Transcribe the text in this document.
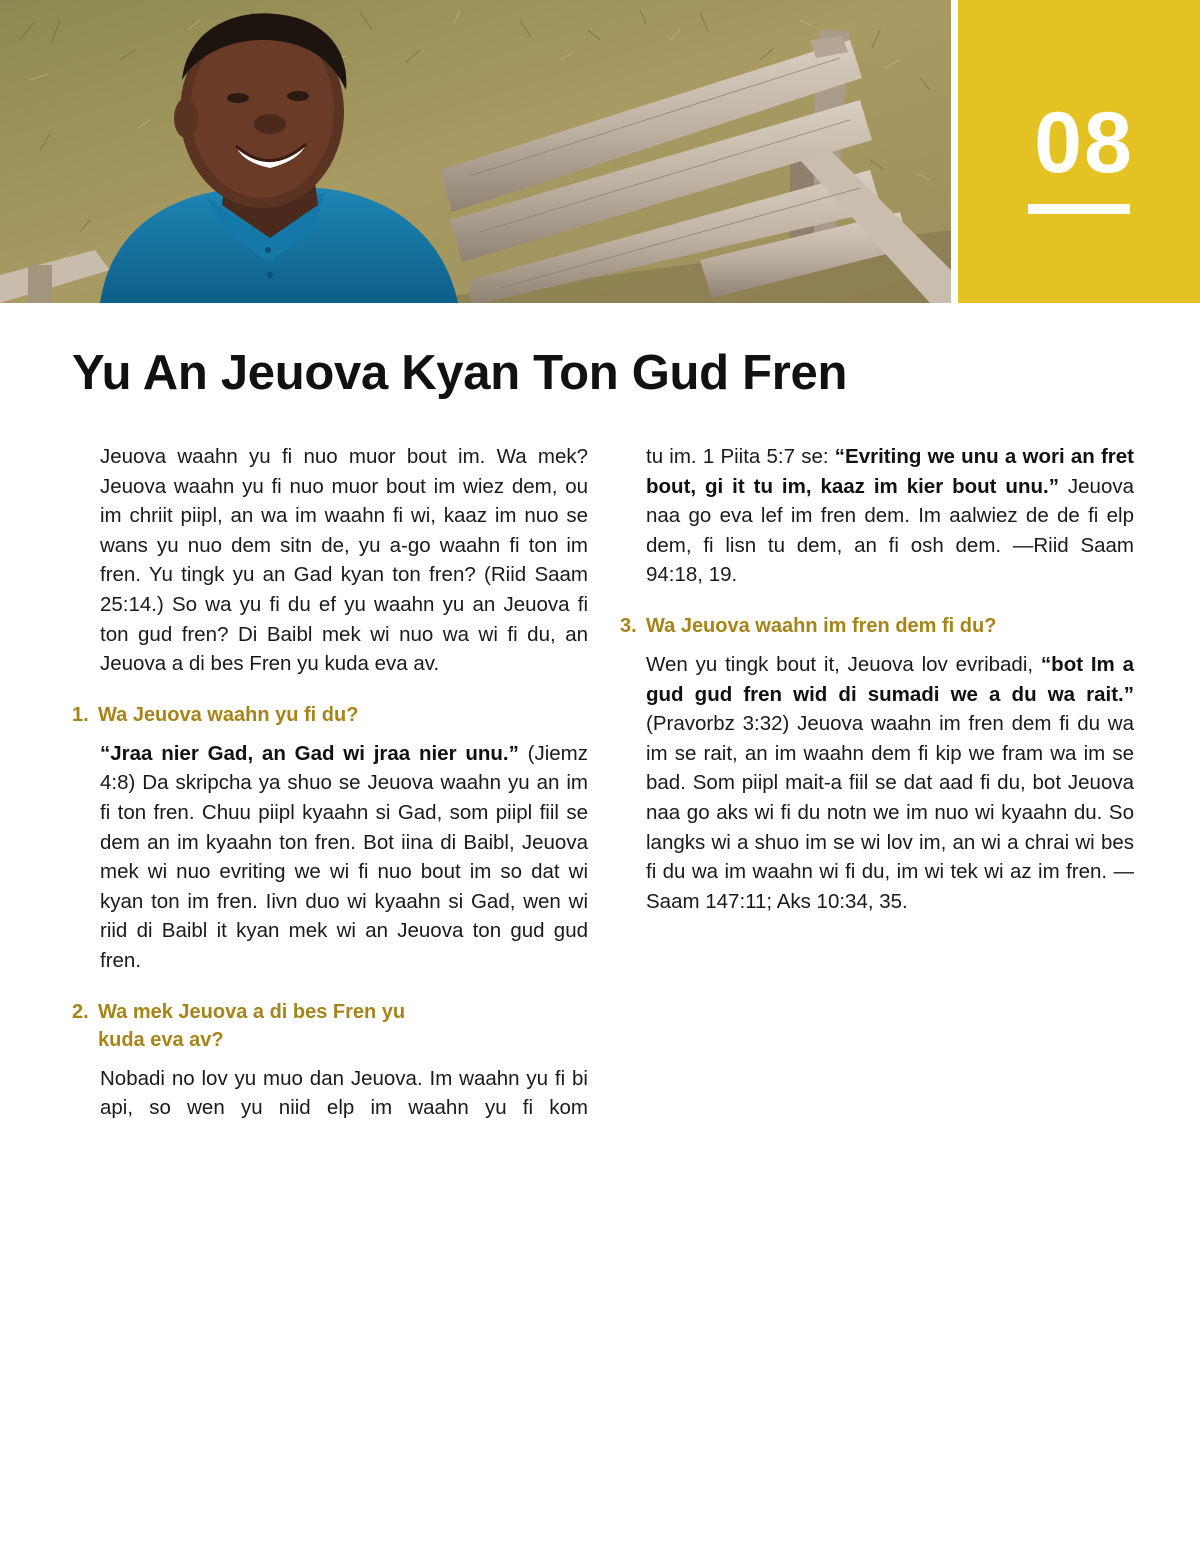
08
Yu An Jeuova Kyan Ton Gud Fren

Jeuova waahn yu fi nuo muor bout im. Wa mek? Jeuova waahn yu fi nuo muor bout im wiez dem, ou im chriit piipl, an wa im waahn fi wi, kaaz im nuo se wans yu nuo dem sitn de, yu a-go waahn fi ton im fren. Yu tingk yu an Gad kyan ton fren? (Riid Saam 25:14.) So wa yu fi du ef yu waahn yu an Jeuova fi ton gud fren? Di Baibl mek wi nuo wa wi fi du, an Jeuova a di bes Fren yu kuda eva av.

1. Wa Jeuova waahn yu fi du?

“Jraa nier Gad, an Gad wi jraa nier unu.” (Jiemz 4:8) Da skripcha ya shuo se Jeuova waahn yu an im fi ton fren. Chuu piipl kyaahn si Gad, som piipl fiil se dem an im kyaahn ton fren. Bot iina di Baibl, Jeuova mek wi nuo evriting we wi fi nuo bout im so dat wi kyan ton im fren. Iivn duo wi kyaahn si Gad, wen wi riid di Baibl it kyan mek wi an Jeuova ton gud gud fren.

2. Wa mek Jeuova a di bes Fren yu kuda eva av?

Nobadi no lov yu muo dan Jeuova. Im waahn yu fi bi api, so wen yu niid elp im waahn yu fi kom

tu im. 1 Piita 5:7 se: “Evriting we unu a wori an fret bout, gi it tu im, kaaz im kier bout unu.” Jeuova naa go eva lef im fren dem. Im aalwiez de de fi elp dem, fi lisn tu dem, an fi osh dem. —Riid Saam 94:18, 19.

3. Wa Jeuova waahn im fren dem fi du?

Wen yu tingk bout it, Jeuova lov evribadi, “bot Im a gud gud fren wid di sumadi we a du wa rait.” (Pravorbz 3:32) Jeuova waahn im fren dem fi du wa im se rait, an im waahn dem fi kip we fram wa im se bad. Som piipl mait-a fiil se dat aad fi du, bot Jeuova naa go aks wi fi du notn we im nuo wi kyaahn du. So langks wi a shuo im se wi lov im, an wi a chrai wi bes fi du wa im waahn wi fi du, im wi tek wi az im fren. —Saam 147:11; Aks 10:34, 35.
